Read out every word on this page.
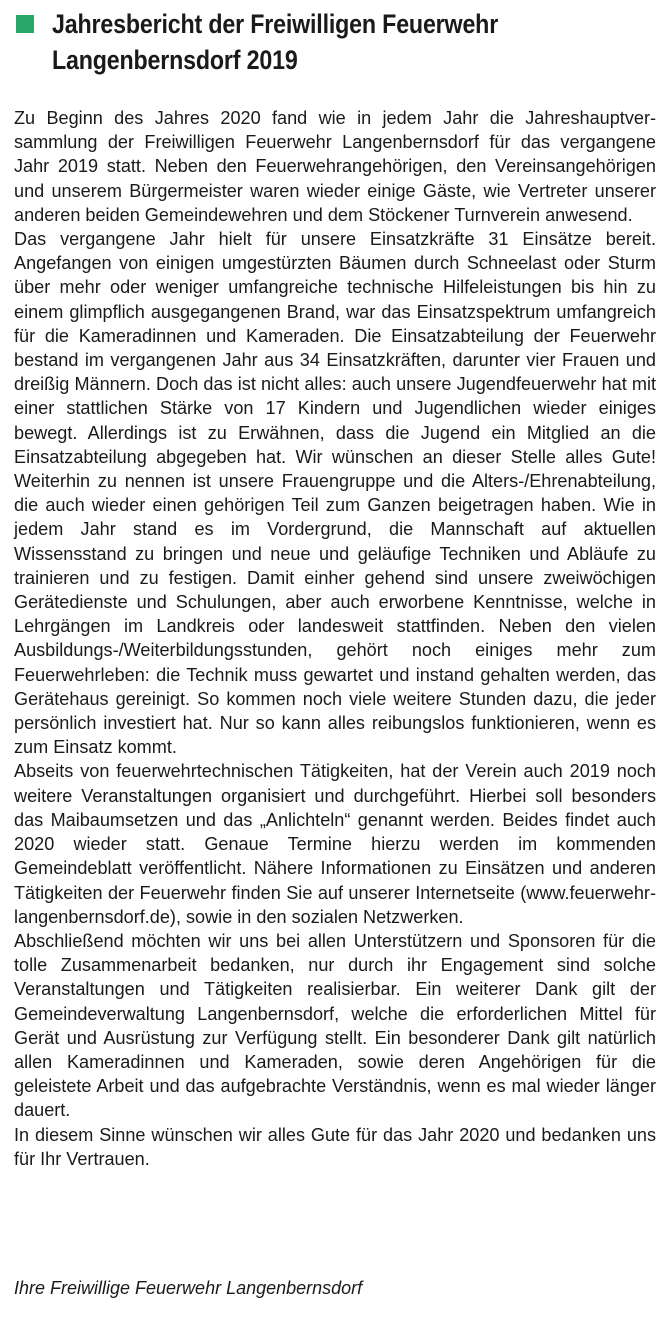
Jahresbericht der Freiwilligen Feuerwehr
Langenbernsdorf 2019

Zu Beginn des Jahres 2020 fand wie in jedem Jahr die Jahreshauptversammlung der Freiwilligen Feuerwehr Langenbernsdorf für das vergangene Jahr 2019 statt. Neben den Feuerwehrangehörigen, den Vereinsangehörigen und unserem Bürgermeister waren wieder einige Gäste, wie Vertreter unserer anderen beiden Gemeindewehren und dem Stöckener Turnverein anwesend.

Das vergangene Jahr hielt für unsere Einsatzkräfte 31 Einsätze bereit. Angefangen von einigen umgestürzten Bäumen durch Schneelast oder Sturm über mehr oder weniger umfangreiche technische Hilfeleistungen bis hin zu einem glimpflich ausgegangenen Brand, war das Einsatzspektrum umfangreich für die Kameradinnen und Kameraden. Die Einsatzabteilung der Feuerwehr bestand im vergangenen Jahr aus 34 Einsatzkräften, darunter vier Frauen und dreißig Männern. Doch das ist nicht alles: auch unsere Jugendfeuerwehr hat mit einer stattlichen Stärke von 17 Kindern und Jugendlichen wieder einiges bewegt. Allerdings ist zu Erwähnen, dass die Jugend ein Mitglied an die Einsatzabteilung abgegeben hat. Wir wünschen an dieser Stelle alles Gute! Weiterhin zu nennen ist unsere Frauengruppe und die Alters-/Ehrenabteilung, die auch wieder einen gehörigen Teil zum Ganzen beigetragen haben. Wie in jedem Jahr stand es im Vordergrund, die Mannschaft auf aktuellen Wissensstand zu bringen und neue und geläufige Techniken und Abläufe zu trainieren und zu festigen. Damit einher gehend sind unsere zweiwöchigen Gerätedienste und Schulungen, aber auch erworbene Kenntnisse, welche in Lehrgängen im Landkreis oder landesweit stattfinden. Neben den vielen Ausbildungs-/Weiterbildungsstunden, gehört noch einiges mehr zum Feuerwehrleben: die Technik muss gewartet und instand gehalten werden, das Gerätehaus gereinigt. So kommen noch viele weitere Stunden dazu, die jeder persönlich investiert hat. Nur so kann alles reibungslos funktionieren, wenn es zum Einsatz kommt.

Abseits von feuerwehrtechnischen Tätigkeiten, hat der Verein auch 2019 noch weitere Veranstaltungen organisiert und durchgeführt. Hierbei soll besonders das Maibaumsetzen und das „Anlichteln“ genannt werden. Beides findet auch 2020 wieder statt. Genaue Termine hierzu werden im kommenden Gemeindeblatt veröffentlicht. Nähere Informationen zu Einsätzen und anderen Tätigkeiten der Feuerwehr finden Sie auf unserer Internetseite (www.feuerwehr-langenbernsdorf.de), sowie in den sozialen Netzwerken.

Abschließend möchten wir uns bei allen Unterstützern und Sponsoren für die tolle Zusammenarbeit bedanken, nur durch ihr Engagement sind solche Veranstaltungen und Tätigkeiten realisierbar. Ein weiterer Dank gilt der Gemeindeverwaltung Langenbernsdorf, welche die erforderlichen Mittel für Gerät und Ausrüstung zur Verfügung stellt. Ein besonderer Dank gilt natürlich allen Kameradinnen und Kameraden, sowie deren Angehörigen für die geleistete Arbeit und das aufgebrachte Verständnis, wenn es mal wieder länger dauert.

In diesem Sinne wünschen wir alles Gute für das Jahr 2020 und bedanken uns für Ihr Vertrauen.

Ihre Freiwillige Feuerwehr Langenbernsdorf
